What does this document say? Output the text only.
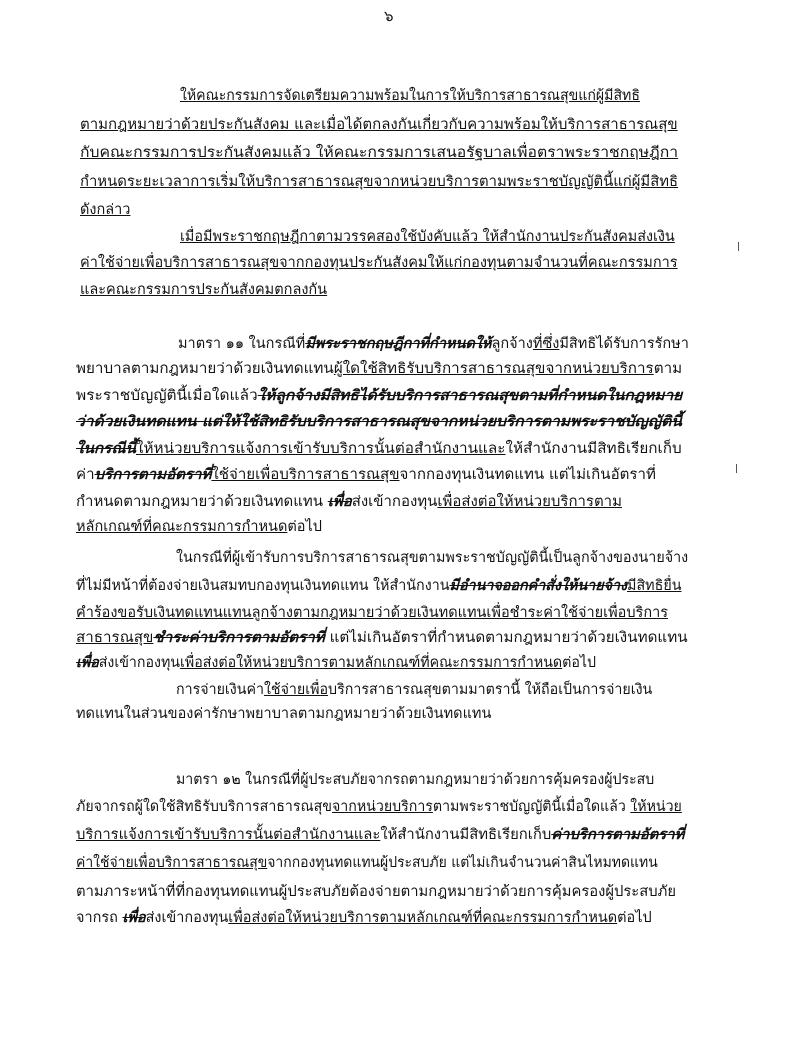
๖
ให้คณะกรรมการจัดเตรียมความพร้อมในการให้บริการสาธารณสุขแก่ผู้มีสิทธิ
ตามกฎหมายว่าด้วยประกันสังคม และเมื่อได้ตกลงกันเกี่ยวกับความพร้อมให้บริการสาธารณสุข
กับคณะกรรมการประกันสังคมแล้ว ให้คณะกรรมการเสนอรัฐบาลเพื่อตราพระราชกฤษฎีกา
กำหนดระยะเวลาการเริ่มให้บริการสาธารณสุขจากหน่วยบริการตามพระราชบัญญัตินี้แก่ผู้มีสิทธิ
ดังกล่าว
เมื่อมีพระราชกฤษฎีกาตามวรรคสองใช้บังคับแล้ว ให้สำนักงานประกันสังคมส่งเงิน
ค่าใช้จ่ายเพื่อบริการสาธารณสุขจากกองทุนประกันสังคมให้แก่กองทุนตามจำนวนที่คณะกรรมการ
และคณะกรรมการประกันสังคมตกลงกัน
มาตรา ๑๑ ในกรณีที่มีพระราชกฤษฎีกาที่กำหนดให้ลูกจ้างที่ซึ่งมีสิทธิได้รับการรักษา
พยาบาลตามกฎหมายว่าด้วยเงินทดแทนผู้ใดใช้สิทธิรับบริการสาธารณสุขจากหน่วยบริการตาม
พระราชบัญญัตินี้เมื่อใดแล้วให้ลูกจ้างมีสิทธิได้รับบริการสาธารณสุขตามที่กำหนดในกฎหมาย
ว่าด้วยเงินทดแทน แต่ให้ใช้สิทธิรับบริการสาธารณสุขจากหน่วยบริการตามพระราชบัญญัตินี้
ในกรณีนี้ให้หน่วยบริการแจ้งการเข้ารับบริการนั้นต่อสำนักงานและให้สำนักงานมีสิทธิเรียกเก็บ
ค่าบริการตามอัตราที่ใช้จ่ายเพื่อบริการสาธารณสุขจากกองทุนเงินทดแทน แต่ไม่เกินอัตราที่
กำหนดตามกฎหมายว่าด้วยเงินทดแทน เพื่อส่งเข้ากองทุนเพื่อส่งต่อให้หน่วยบริการตาม
หลักเกณฑ์ที่คณะกรรมการกำหนดต่อไป
ในกรณีที่ผู้เข้ารับการบริการสาธารณสุขตามพระราชบัญญัตินี้เป็นลูกจ้างของนายจ้าง
ที่ไม่มีหน้าที่ต้องจ่ายเงินสมทบกองทุนเงินทดแทน ให้สำนักงานมีอำนาจออกคำสั่งให้นายจ้างมีสิทธิยื่น
คำร้องขอรับเงินทดแทนแทนลูกจ้างตามกฎหมายว่าด้วยเงินทดแทนเพื่อชำระค่าใช้จ่ายเพื่อบริการ
สาธารณสุขชำระค่าบริการตามอัตราที่ แต่ไม่เกินอัตราที่กำหนดตามกฎหมายว่าด้วยเงินทดแทน
เพื่อส่งเข้ากองทุนเพื่อส่งต่อให้หน่วยบริการตามหลักเกณฑ์ที่คณะกรรมการกำหนดต่อไป
การจ่ายเงินค่าใช้จ่ายเพื่อบริการสาธารณสุขตามมาตรานี้ ให้ถือเป็นการจ่ายเงิน
ทดแทนในส่วนของค่ารักษาพยาบาลตามกฎหมายว่าด้วยเงินทดแทน
มาตรา ๑๒ ในกรณีที่ผู้ประสบภัยจากรถตามกฎหมายว่าด้วยการคุ้มครองผู้ประสบ
ภัยจากรถผู้ใดใช้สิทธิรับบริการสาธารณสุขจากหน่วยบริการตามพระราชบัญญัตินี้เมื่อใดแล้ว ให้หน่วย
บริการแจ้งการเข้ารับบริการนั้นต่อสำนักงานและให้สำนักงานมีสิทธิเรียกเก็บค่าบริการตามอัตราที่
ค่าใช้จ่ายเพื่อบริการสาธารณสุขจากกองทุนทดแทนผู้ประสบภัย แต่ไม่เกินจำนวนค่าสินไหมทดแทน
ตามภาระหน้าที่ที่กองทุนทดแทนผู้ประสบภัยต้องจ่ายตามกฎหมายว่าด้วยการคุ้มครองผู้ประสบภัย
จากรถ เพื่อส่งเข้ากองทุนเพื่อส่งต่อให้หน่วยบริการตามหลักเกณฑ์ที่คณะกรรมการกำหนดต่อไป
